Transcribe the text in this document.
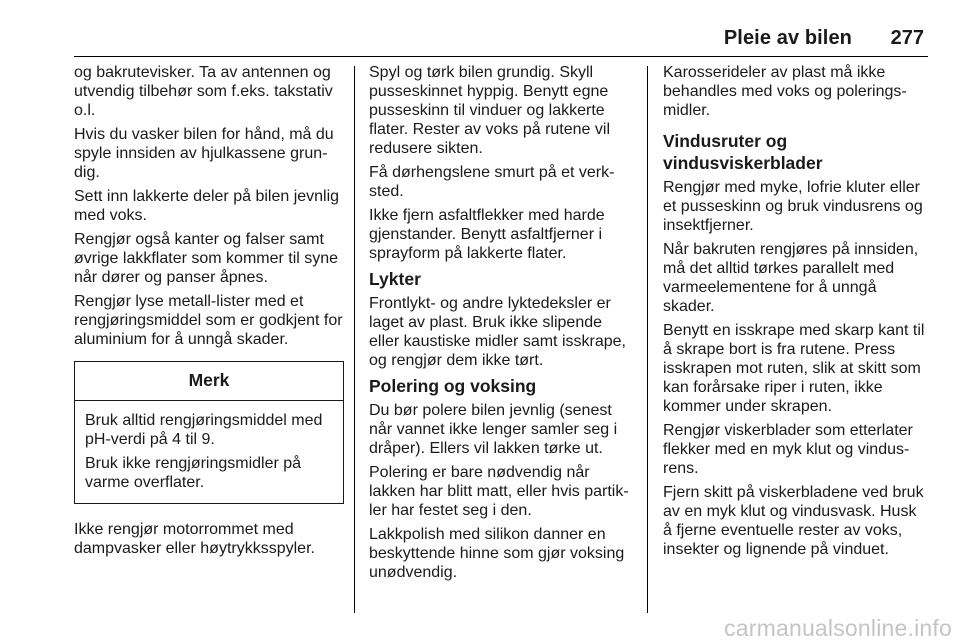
Pleie av bilen 277

og bakrutevisker. Ta av antennen og utvendig tilbehør som f.eks. takstativ o.l.

Hvis du vasker bilen for hånd, må du spyle innsiden av hjulkassene grun-dig.

Sett inn lakkerte deler på bilen jevnlig med voks.

Rengjør også kanter og falser samt øvrige lakkflater som kommer til syne når dører og panser åpnes.

Rengjør lyse metall-lister med et rengjøringsmiddel som er godkjent for aluminium for å unngå skader.

Merk

Bruk alltid rengjøringsmiddel med pH-verdi på 4 til 9.

Bruk ikke rengjøringsmidler på varme overflater.

Ikke rengjør motorrommet med dampvasker eller høytrykksspyler.

Spyl og tørk bilen grundig. Skyll pusseskinnet hyppig. Benytt egne pusseskinn til vinduer og lakkerte flater. Rester av voks på rutene vil redusere sikten.

Få dørhengslene smurt på et verk-sted.

Ikke fjern asfaltflekker med harde gjenstander. Benytt asfaltfjerner i sprayform på lakkerte flater.

Lykter

Frontlykt- og andre lyktedeksler er laget av plast. Bruk ikke slipende eller kaustiske midler samt isskrape, og rengjør dem ikke tørt.

Polering og voksing

Du bør polere bilen jevnlig (senest når vannet ikke lenger samler seg i dråper). Ellers vil lakken tørke ut.

Polering er bare nødvendig når lakken har blitt matt, eller hvis partik-ler har festet seg i den.

Lakkpolish med silikon danner en beskyttende hinne som gjør voksing unødvendig.

Karosserideler av plast må ikke behandles med voks og polerings-midler.

Vindusruter og vindusviskerblader

Rengjør med myke, lofrie kluter eller et pusseskinn og bruk vindusrens og insektfjerner.

Når bakruten rengjøres på innsiden, må det alltid tørkes parallelt med varmeelementene for å unngå skader.

Benytt en isskrape med skarp kant til å skrape bort is fra rutene. Press isskrapen mot ruten, slik at skitt som kan forårsake riper i ruten, ikke kommer under skrapen.

Rengjør viskerblader som etterlater flekker med en myk klut og vindus-rens.

Fjern skitt på viskerbladene ved bruk av en myk klut og vindusvask. Husk å fjerne eventuelle rester av voks, insekter og lignende på vinduet.

carmanualsonline.info
